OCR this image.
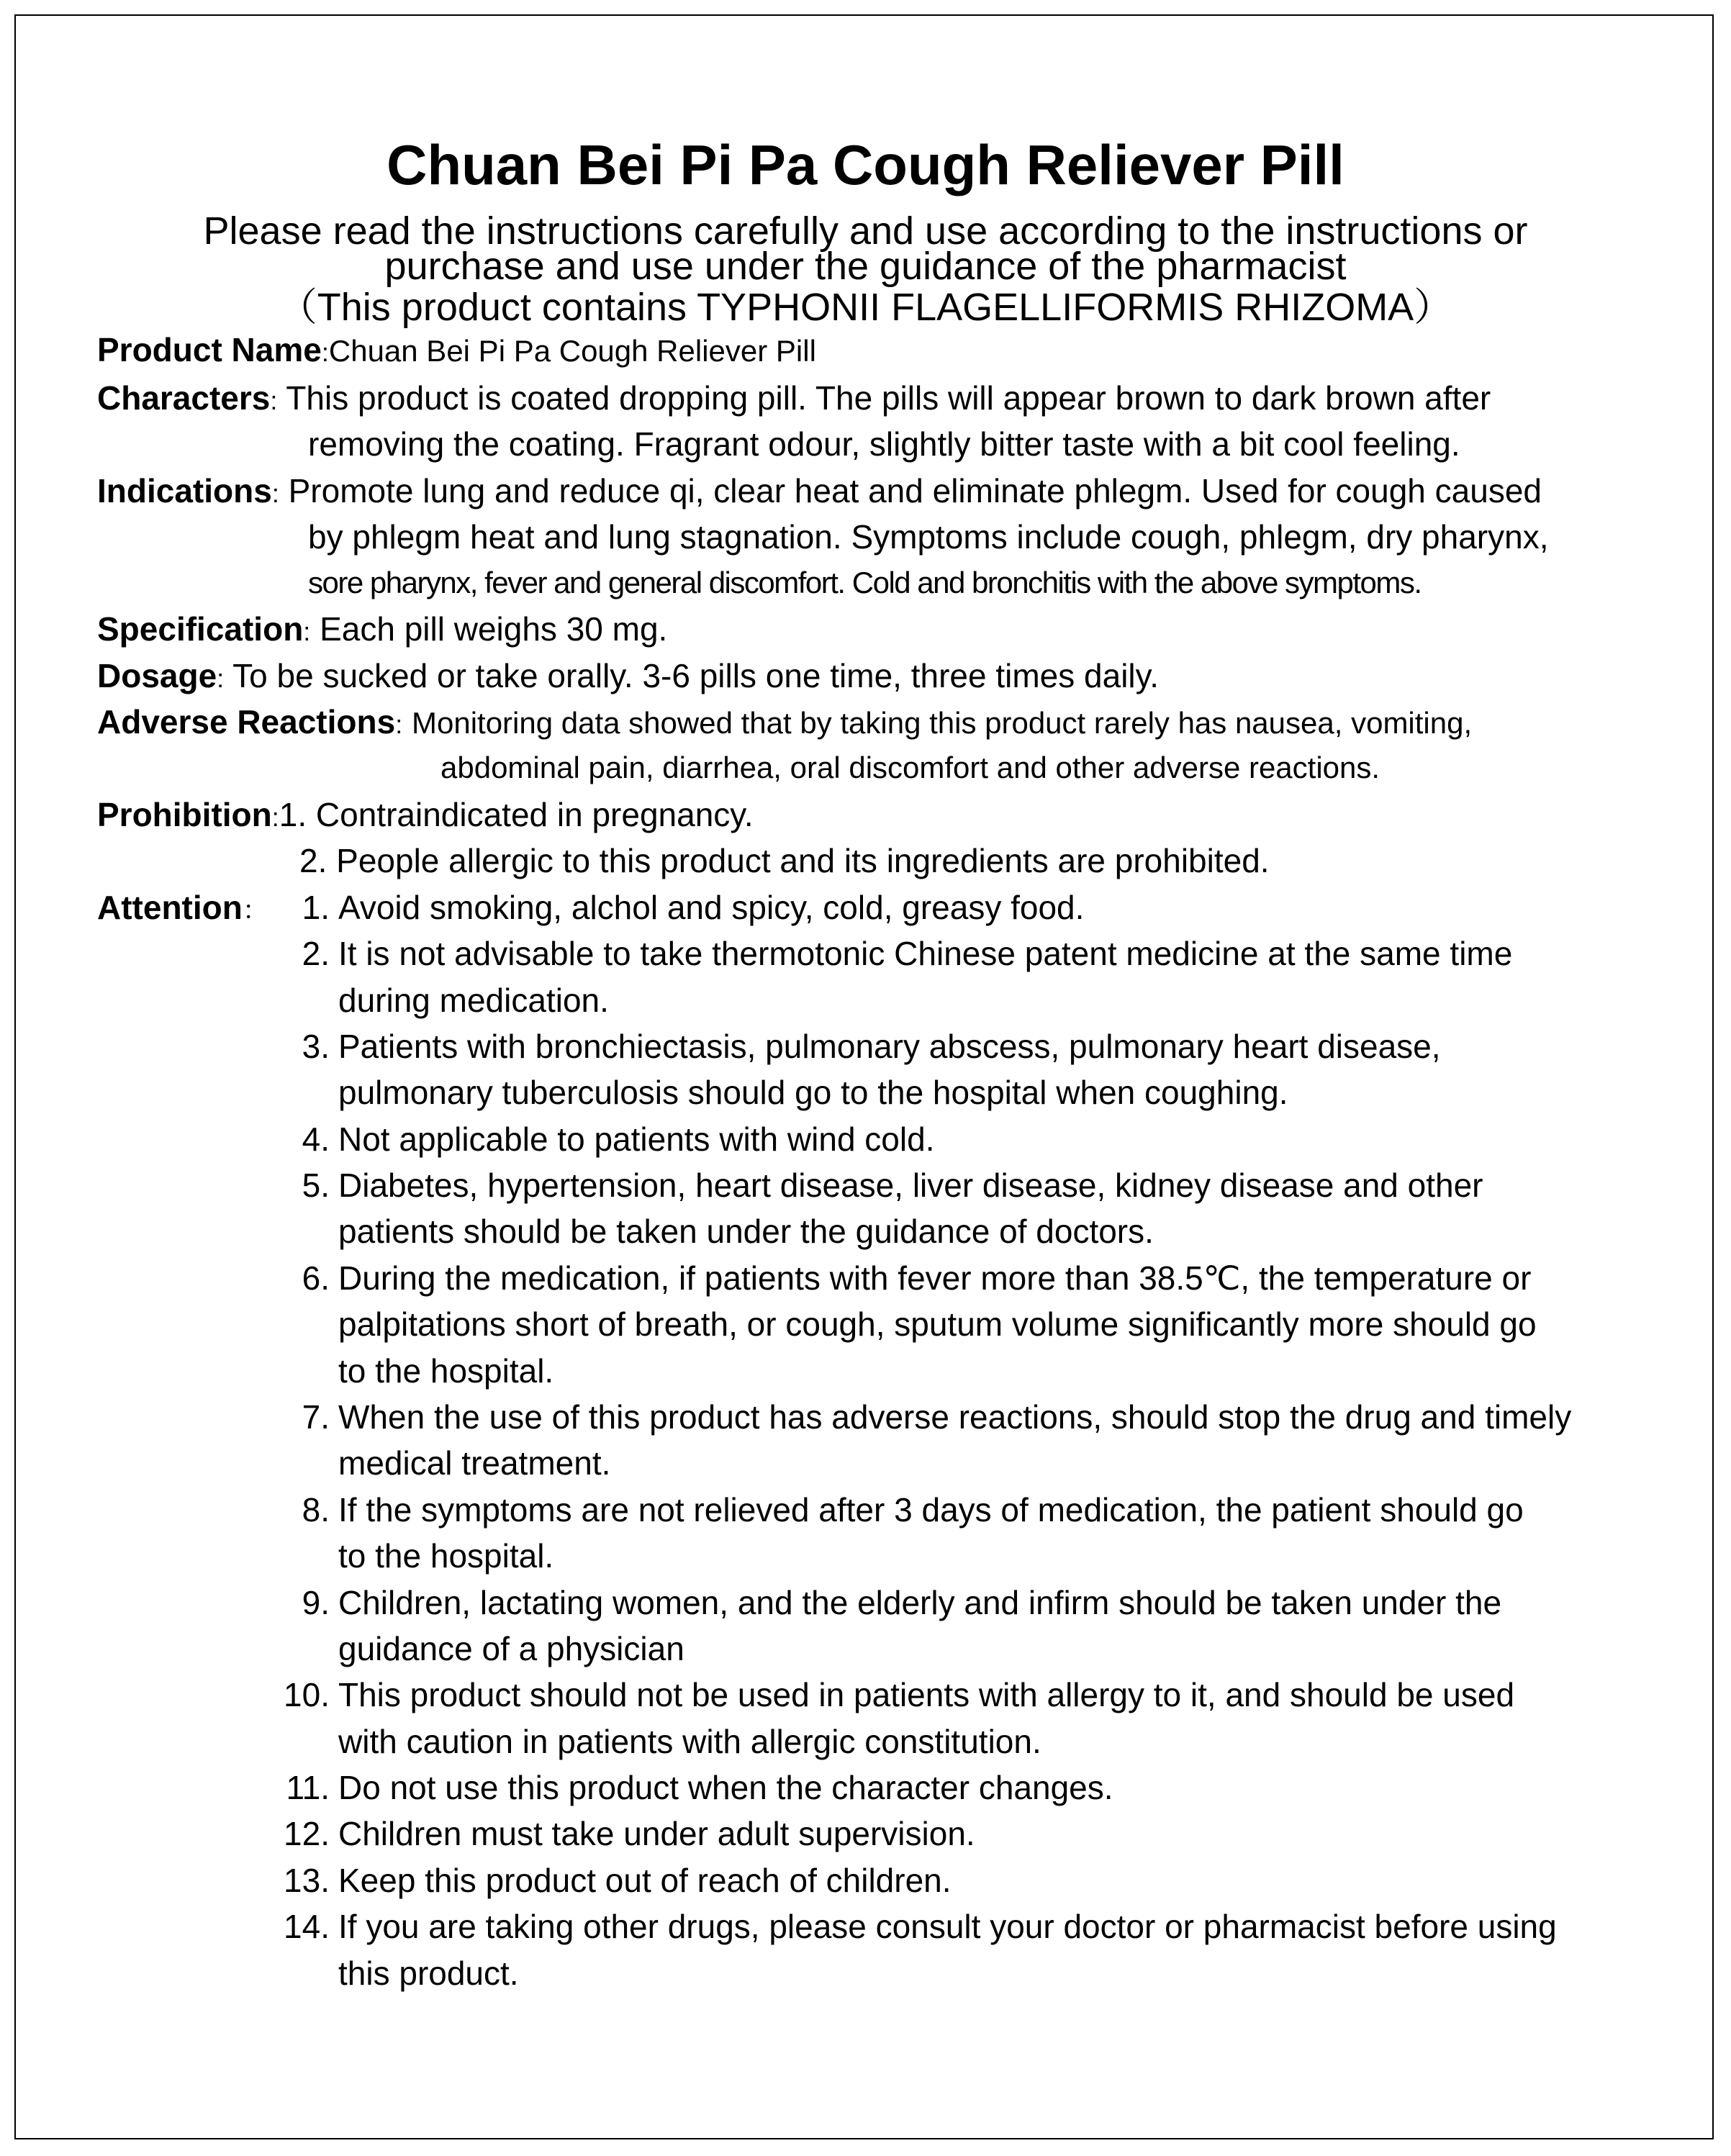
Chuan Bei Pi Pa Cough Reliever Pill
Please read the instructions carefully and use according to the instructions or
purchase and use under the guidance of the pharmacist
（This product contains TYPHONII FLAGELLIFORMIS RHIZOMA）
Product Name:Chuan Bei Pi Pa Cough Reliever Pill
Characters: This product is coated dropping pill. The pills will appear brown to dark brown after
removing the coating. Fragrant odour, slightly bitter taste with a bit cool feeling.
Indications: Promote lung and reduce qi, clear heat and eliminate phlegm. Used for cough caused
by phlegm heat and lung stagnation. Symptoms include cough, phlegm, dry pharynx,
sore pharynx, fever and general discomfort. Cold and bronchitis with the above symptoms.
Specification: Each pill weighs 30 mg.
Dosage: To be sucked or take orally. 3-6 pills one time, three times daily.
Adverse Reactions: Monitoring data showed that by taking this product rarely has nausea, vomiting,
abdominal pain, diarrhea, oral discomfort and other adverse reactions.
Prohibition:1. Contraindicated in pregnancy.
2. People allergic to this product and its ingredients are prohibited.
Attention：	1. Avoid smoking, alchol and spicy, cold, greasy food.
2. It is not advisable to take thermotonic Chinese patent medicine at the same time
during medication.
3. Patients with bronchiectasis, pulmonary abscess, pulmonary heart disease,
pulmonary tuberculosis should go to the hospital when coughing.
4. Not applicable to patients with wind cold.
5. Diabetes, hypertension, heart disease, liver disease, kidney disease and other
patients should be taken under the guidance of doctors.
6. During the medication, if patients with fever more than 38.5℃, the temperature or
palpitations short of breath, or cough, sputum volume significantly more should go
to the hospital.
7. When the use of this product has adverse reactions, should stop the drug and timely
medical treatment.
8. If the symptoms are not relieved after 3 days of medication, the patient should go
to the hospital.
9. Children, lactating women, and the elderly and infirm should be taken under the
guidance of a physician
10. This product should not be used in patients with allergy to it, and should be used
with caution in patients with allergic constitution.
11. Do not use this product when the character changes.
12. Children must take under adult supervision.
13. Keep this product out of reach of children.
14. If you are taking other drugs, please consult your doctor or pharmacist before using
this product.
